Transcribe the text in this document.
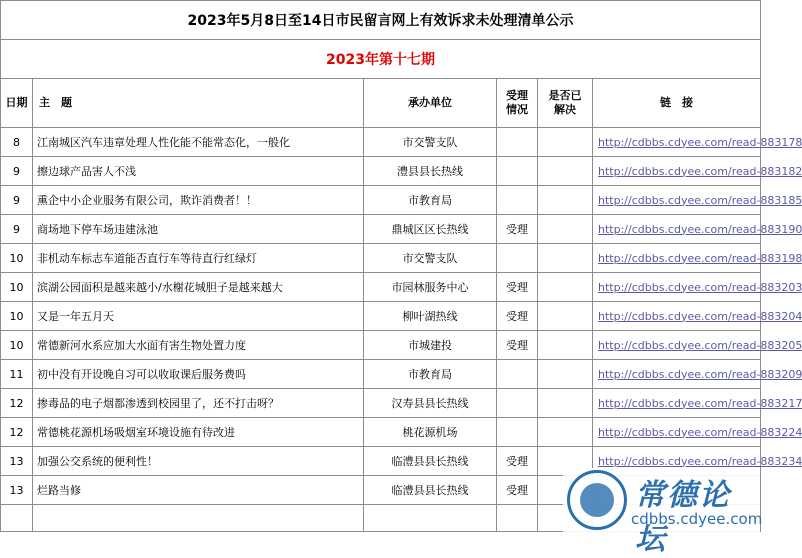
2023年5月8日至14日市民留言网上有效诉求未处理清单公示					
2023年第十七期					
日期	主　题	承办单位	受理情况	是否已解决	链　接
8	江南城区汽车违章处理人性化能不能常态化，一般化	市交警支队			http://cdbbs.cdyee.com/read-883178
9	擦边球产品害人不浅	澧县县长热线			http://cdbbs.cdyee.com/read-883182
9	熏企中小企业服务有限公司，欺诈消费者！！	市教育局			http://cdbbs.cdyee.com/read-883185
9	商场地下停车场违建泳池	鼎城区区长热线	受理		http://cdbbs.cdyee.com/read-883190
10	非机动车标志车道能否直行车等待直行红绿灯	市交警支队			http://cdbbs.cdyee.com/read-883198
10	滨湖公园面积是越来越小/水榭花城胆子是越来越大	市园林服务中心	受理		http://cdbbs.cdyee.com/read-883203
10	又是一年五月天	柳叶湖热线	受理		http://cdbbs.cdyee.com/read-883204
10	常德新河水系应加大水面有害生物处置力度	市城建投	受理		http://cdbbs.cdyee.com/read-883205
11	初中没有开设晚自习可以收取课后服务费吗	市教育局			http://cdbbs.cdyee.com/read-883209
12	掺毒品的电子烟都渗透到校园里了，还不打击呀？	汉寿县县长热线			http://cdbbs.cdyee.com/read-883217
12	常德桃花源机场吸烟室环境设施有待改进	桃花源机场			http://cdbbs.cdyee.com/read-883224
13	加强公交系统的便利性！	临澧县县长热线	受理		http://cdbbs.cdyee.com/read-883234
13	烂路当修	临澧县县长热线	受理		
						常德论坛
cdbbs.cdyee.com
